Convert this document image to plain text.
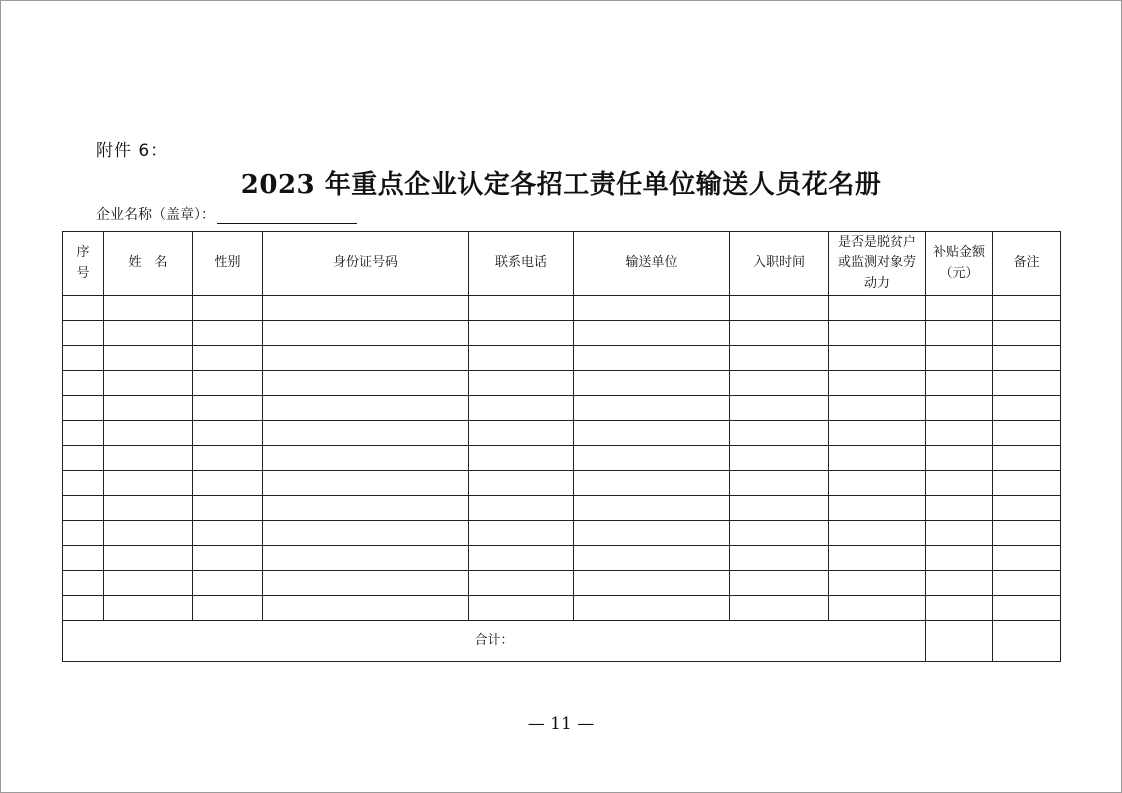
附件 6：
2023 年重点企业认定各招工责任单位输送人员花名册
企业名称（盖章）：
序号	姓　名	性别	身份证号码	联系电话	输送单位	入职时间	是否是脱贫户或监测对象劳动力	补贴金额（元）	备注

合计：									
— 11 —
